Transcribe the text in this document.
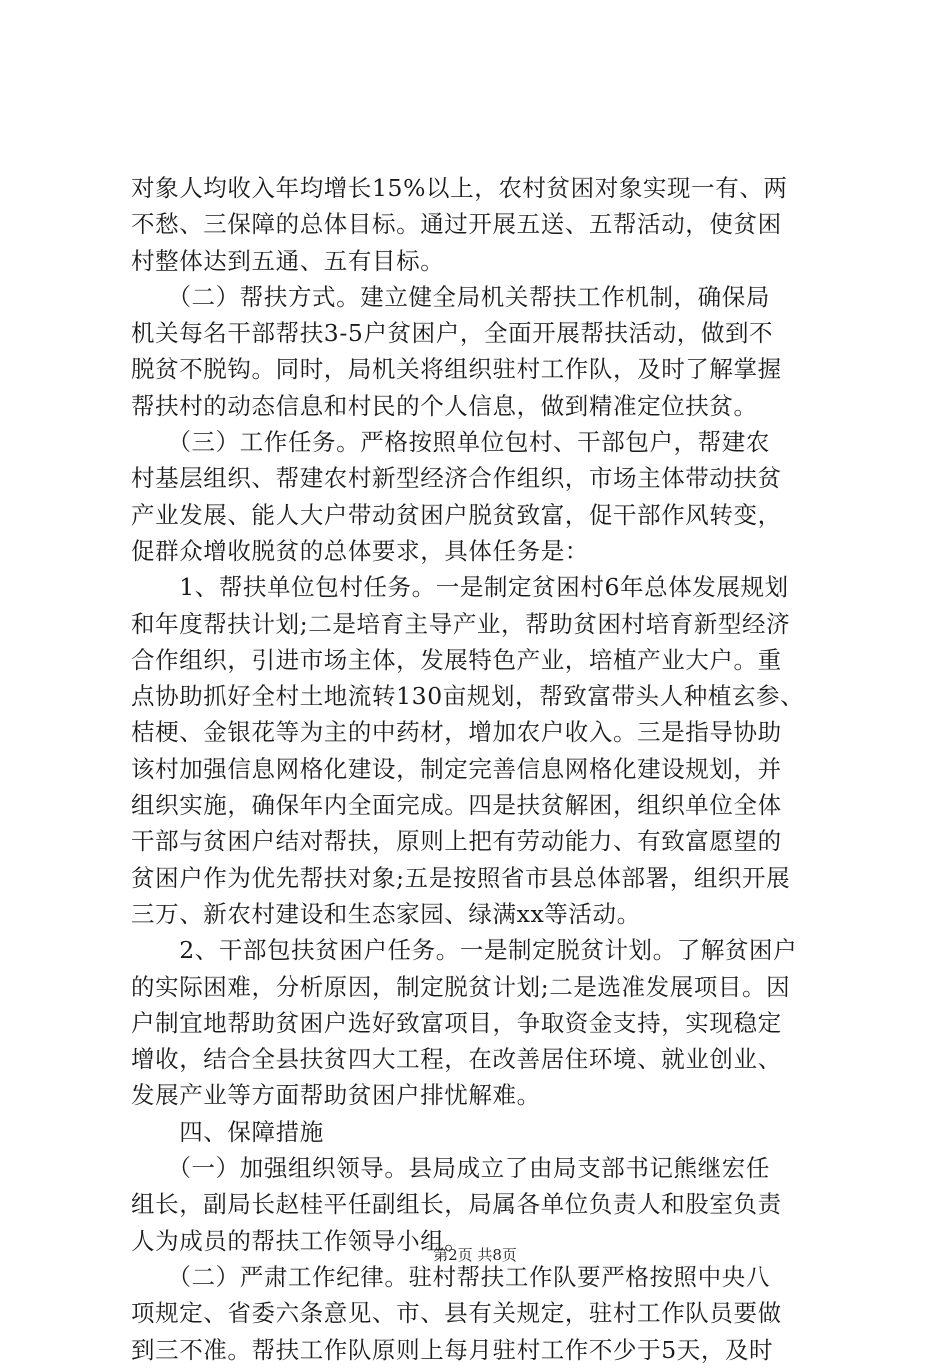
对象人均收入年均增长15%以上，农村贫困对象实现一有、两
不愁、三保障的总体目标。通过开展五送、五帮活动，使贫困
村整体达到五通、五有目标。
　　（二）帮扶方式。建立健全局机关帮扶工作机制，确保局
机关每名干部帮扶3-5户贫困户，全面开展帮扶活动，做到不
脱贫不脱钩。同时，局机关将组织驻村工作队，及时了解掌握
帮扶村的动态信息和村民的个人信息，做到精准定位扶贫。
　　（三）工作任务。严格按照单位包村、干部包户，帮建农
村基层组织、帮建农村新型经济合作组织，市场主体带动扶贫
产业发展、能人大户带动贫困户脱贫致富，促干部作风转变，
促群众增收脱贫的总体要求，具体任务是：
　　1、帮扶单位包村任务。一是制定贫困村6年总体发展规划
和年度帮扶计划;二是培育主导产业，帮助贫困村培育新型经济
合作组织，引进市场主体，发展特色产业，培植产业大户。重
点协助抓好全村土地流转130亩规划，帮致富带头人种植玄参、
桔梗、金银花等为主的中药材，增加农户收入。三是指导协助
该村加强信息网格化建设，制定完善信息网格化建设规划，并
组织实施，确保年内全面完成。四是扶贫解困，组织单位全体
干部与贫困户结对帮扶，原则上把有劳动能力、有致富愿望的
贫困户作为优先帮扶对象;五是按照省市县总体部署，组织开展
三万、新农村建设和生态家园、绿满xx等活动。
　　2、干部包扶贫困户任务。一是制定脱贫计划。了解贫困户
的实际困难，分析原因，制定脱贫计划;二是选准发展项目。因
户制宜地帮助贫困户选好致富项目，争取资金支持，实现稳定
增收，结合全县扶贫四大工程，在改善居住环境、就业创业、
发展产业等方面帮助贫困户排忧解难。
　　四、保障措施
　　（一）加强组织领导。县局成立了由局支部书记熊继宏任
组长，副局长赵桂平任副组长，局属各单位负责人和股室负责
人为成员的帮扶工作领导小组。
　　（二）严肃工作纪律。驻村帮扶工作队要严格按照中央八
项规定、省委六条意见、市、县有关规定，驻村工作队员要做
到三不准。帮扶工作队原则上每月驻村工作不少于5天，及时
第2页 共8页
